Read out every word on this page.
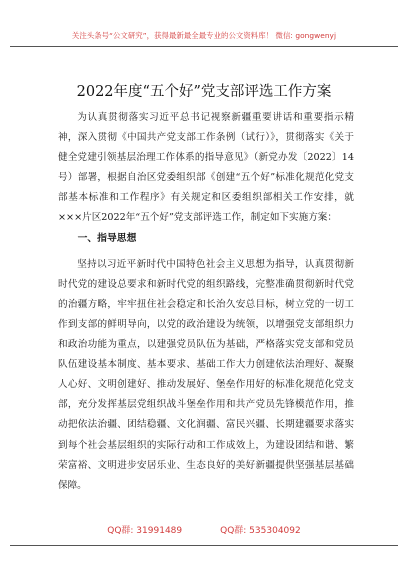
关注头条号“公文研究”，获得最新最全最专业的公文资料库！ 微信: gongwenyj
2022年度“五个好”党支部评选工作方案

为认真贯彻落实习近平总书记视察新疆重要讲话和重要指示精神，深入贯彻《中国共产党支部工作条例（试行）》，贯彻落实《关于健全党建引领基层治理工作体系的指导意见》（新党办发〔2022〕14号）部署，根据自治区党委组织部《创建“五个好”标准化规范化党支部基本标准和工作程序》有关规定和区委组织部相关工作安排，就×××片区2022年“五个好”党支部评选工作，制定如下实施方案：

一、指导思想

坚持以习近平新时代中国特色社会主义思想为指导，认真贯彻新时代党的建设总要求和新时代党的组织路线，完整准确贯彻新时代党的治疆方略，牢牢扭住社会稳定和长治久安总目标，树立党的一切工作到支部的鲜明导向，以党的政治建设为统领，以增强党支部组织力和政治功能为重点，以建强党员队伍为基础，严格落实党支部和党员队伍建设基本制度、基本要求、基础工作大力创建依法治理好、凝聚人心好、文明创建好、推动发展好、堡垒作用好的标准化规范化党支部，充分发挥基层党组织战斗堡垒作用和共产党员先锋模范作用，推动把依法治疆、团结稳疆、文化润疆、富民兴疆、长期建疆要求落实到每个社会基层组织的实际行动和工作成效上，为建设团结和谐、繁荣富裕、文明进步安居乐业、生态良好的美好新疆提供坚强基层基础保障。

QQ群: 31991489	QQ群: 535304092
